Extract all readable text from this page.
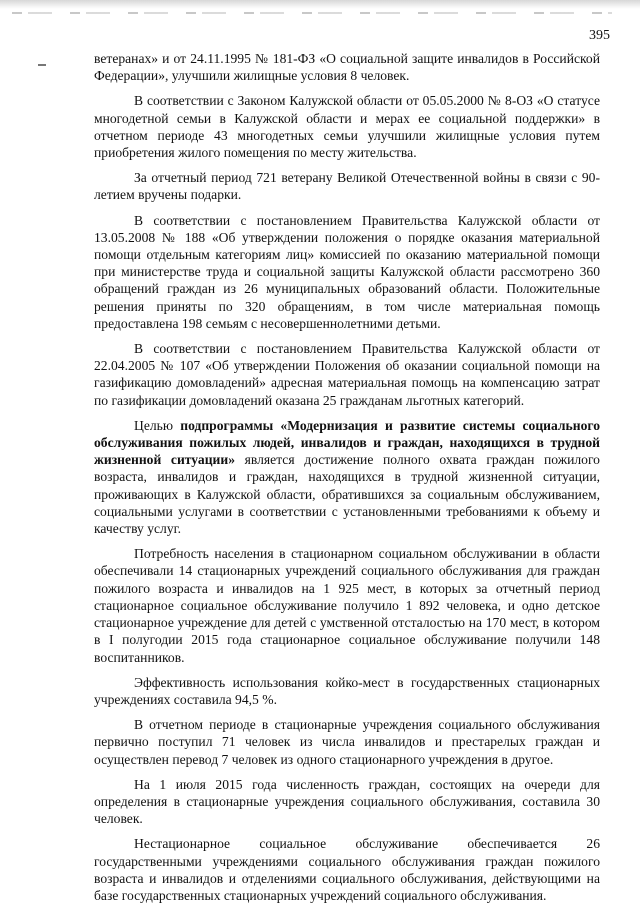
395

ветеранах» и от 24.11.1995 № 181-ФЗ «О социальной защите инвалидов в Российской Федерации», улучшили жилищные условия 8 человек.

В соответствии с Законом Калужской области от 05.05.2000 № 8-ОЗ «О статусе многодетной семьи в Калужской области и мерах ее социальной поддержки» в отчетном периоде 43 многодетных семьи улучшили жилищные условия путем приобретения жилого помещения по месту жительства.

За отчетный период 721 ветерану Великой Отечественной войны в связи с 90-летием вручены подарки.

В соответствии с постановлением Правительства Калужской области от 13.05.2008 № 188 «Об утверждении положения о порядке оказания материальной помощи отдельным категориям лиц» комиссией по оказанию материальной помощи при министерстве труда и социальной защиты Калужской области рассмотрено 360 обращений граждан из 26 муниципальных образований области. Положительные решения приняты по 320 обращениям, в том числе материальная помощь предоставлена 198 семьям с несовершеннолетними детьми.

В соответствии с постановлением Правительства Калужской области от 22.04.2005 № 107 «Об утверждении Положения об оказании социальной помощи на газификацию домовладений» адресная материальная помощь на компенсацию затрат по газификации домовладений оказана 25 гражданам льготных категорий.

Целью подпрограммы «Модернизация и развитие системы социального обслуживания пожилых людей, инвалидов и граждан, находящихся в трудной жизненной ситуации» является достижение полного охвата граждан пожилого возраста, инвалидов и граждан, находящихся в трудной жизненной ситуации, проживающих в Калужской области, обратившихся за социальным обслуживанием, социальными услугами в соответствии с установленными требованиями к объему и качеству услуг.

Потребность населения в стационарном социальном обслуживании в области обеспечивали 14 стационарных учреждений социального обслуживания для граждан пожилого возраста и инвалидов на 1 925 мест, в которых за отчетный период стационарное социальное обслуживание получило 1 892 человека, и одно детское стационарное учреждение для детей с умственной отсталостью на 170 мест, в котором в I полугодии 2015 года стационарное социальное обслуживание получили 148 воспитанников.

Эффективность использования койко-мест в государственных стационарных учреждениях составила 94,5 %.

В отчетном периоде в стационарные учреждения социального обслуживания первично поступил 71 человек из числа инвалидов и престарелых граждан и осуществлен перевод 7 человек из одного стационарного учреждения в другое.

На 1 июля 2015 года численность граждан, состоящих на очереди для определения в стационарные учреждения социального обслуживания, составила 30 человек.

Нестационарное социальное обслуживание обеспечивается 26 государственными учреждениями социального обслуживания граждан пожилого возраста и инвалидов и отделениями социального обслуживания, действующими на базе государственных стационарных учреждений социального обслуживания.
